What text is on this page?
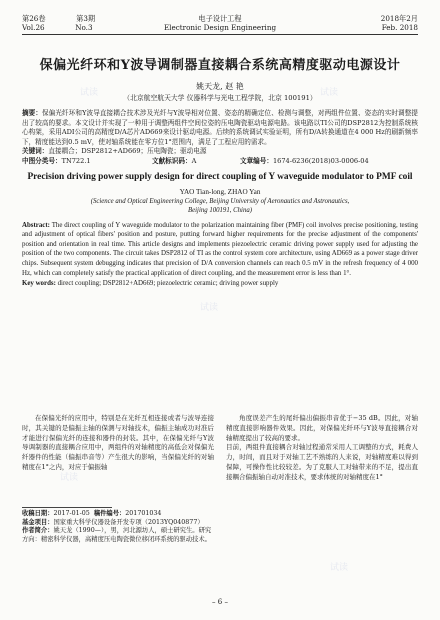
第26卷	第3期	电子设计工程	2018年2月
Vol.26	No.3	Electronic Design Engineering	Feb. 2018
保偏光纤环和Y波导调制器直接耦合系统高精度驱动电源设计
姚天龙, 赵 艳
（北京航空航天大学 仪器科学与光电工程学院，北京 100191）
摘要：保偏光纤环和Y波导直接耦合技术涉及光纤与Y波导相对位置、姿态的精确定位、检测与调整，对两组件位置、姿态的实时调整提出了较高的要求。本文设计并实现了一种用于调整两组件空间位姿的压电陶瓷驱动电源电路。该电路以TI公司的DSP2812为控制系统核心构架，采用ADI公司的高精度D/A芯片AD669来设计驱动电源。后续的系统调试实验证明，所有D/A转换通道在4 000 Hz的刷新频率下，精度能达到0.5 mV，使对轴系统能在零方位1°范围内，满足了工程应用的需求。
关键词：直接耦合；DSP2812+AD669；压电陶瓷；驱动电源
中图分类号：TN722.1	文献标识码：A	文章编号：1674-6236(2018)03-0006-04
Precision driving power supply design for direct coupling of Y waveguide modulator to PMF coil
YAO Tian-long, ZHAO Yan
(Science and Optical Engineering College, Beijing University of Aeronautics and Astronautics,
Beijing 100191, China)
Abstract: The direct coupling of Y waveguide modulator to the polarization maintaining fiber (PMF) coil involves precise positioning, testing and adjustment of optical fibers' position and posture, putting forward higher requirements for the precise adjustment of the components' position and orientation in real time. This article designs and implements piezoelectric ceramic driving power supply used for adjusting the position of the two components. The circuit takes DSP2812 of TI as the control system core architecture, using AD669 as a power stage driver chips. Subsequent system debugging indicates that precision of D/A conversion channels can reach 0.5 mV in the refresh frequency of 4 000 Hz, which can completely satisfy the practical application of direct coupling, and the measurement error is less than 1°.
Key words: direct coupling; DSP2812+AD669; piezoelectric ceramic; driving power supply
在保偏光纤的应用中，特别是在光纤互相连接或者与波导连接时，其关键的是偏振主轴的保测与对轴技术，偏振主轴成功对准后才能进行保偏光纤的连接和器件的封装。其中，在保偏光纤与Y波导调制器的直接耦合应用中，两组件的对轴精度的高低会对保偏光纤器件的性能（偏振串音等）产生很大的影响，当保偏光纤的对轴精度在1°之内，对应于偏振轴
角度误差产生的尾纤偏出偏振串音优于−35 dB。因此，对轴精度直接影响器件效果。因此，对保偏光纤环与Y波导直接耦合对轴精度提出了较高的要求。
目前，两组件直接耦合对轴过程通常采用人工调整的方式，耗费人力，时间，而且对于对轴工艺不熟练的人来说，对轴精度难以得到保障，可操作性比较较差。为了克服人工对轴带来的不足，提出直接耦合偏振轴自动对准技术，要求体统的对轴精度在1°
收稿日期：2017-01-05 稿件编号：201701034
基金项目：国家重大科学仪器设备开发专项（2013YQ040877）
作者简介：姚天龙（1990—），男，河北源坊人，硕士研究生。研究方向：精密科学仪器，高精度压电陶瓷微位移闭环系统的驱动技术。
– 6 –
试读	试读
试读
试读
试读
